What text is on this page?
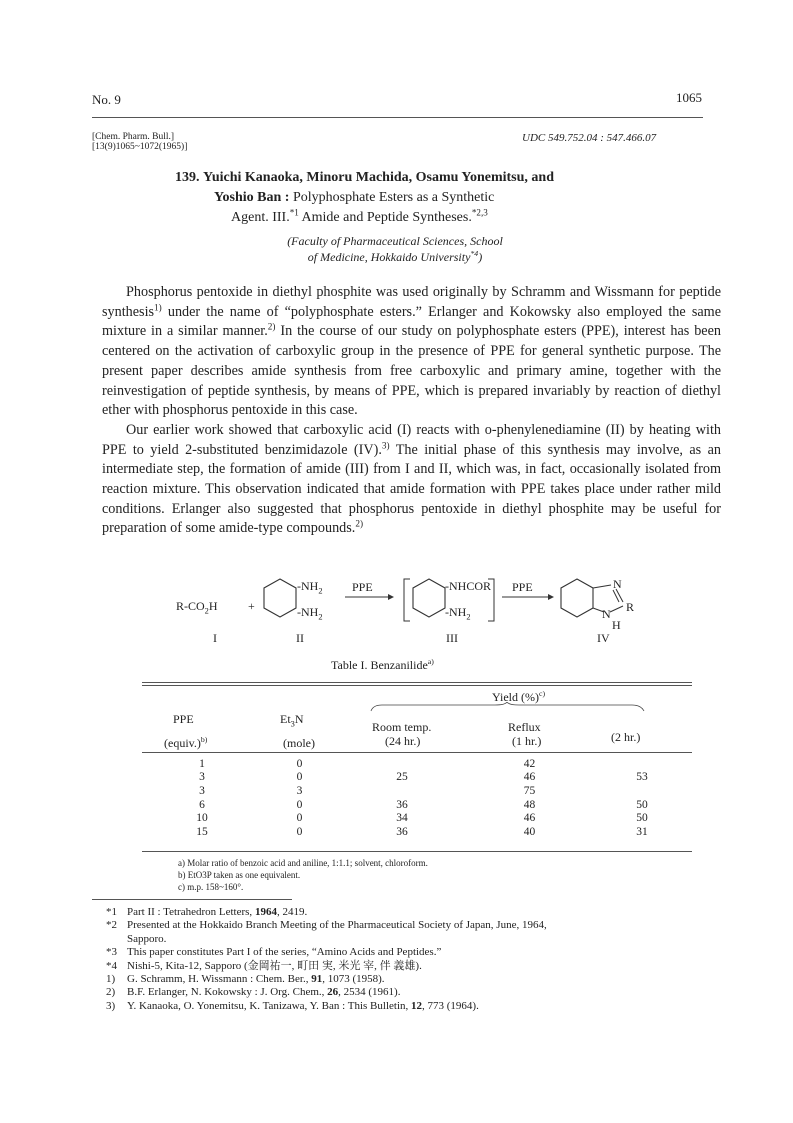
No. 9	1065
[Chem. Pharm. Bull.]
[13(9)1065~1072(1965)]
UDC 549.752.04 : 547.466.07
139. Yuichi Kanaoka, Minoru Machida, Osamu Yonemitsu, and
Yoshio Ban : Polyphosphate Esters as a Synthetic
Agent. III.$^{*1}$ Amide and Peptide Syntheses.$^{*2,3}$
(Faculty of Pharmaceutical Sciences, School
of Medicine, Hokkaido University$^{*4}$)

Phosphorus pentoxide in diethyl phosphite was used originally by Schramm and Wissmann for peptide synthesis$^{1)}$ under the name of “polyphosphate esters.” Erlanger and Kokowsky also employed the same mixture in a similar manner.$^{2)}$ In the course of our study on polyphosphate esters (PPE), interest has been centered on the activation of carboxylic group in the presence of PPE for general synthetic purpose. The present paper describes amide synthesis from free carboxylic and primary amine, together with the reinvestigation of peptide synthesis, by means of PPE, which is prepared invariably by reaction of diethyl ether with phosphorus pentoxide in this case.

Our earlier work showed that carboxylic acid (I) reacts with o-phenylenediamine (II) by heating with PPE to yield 2-substituted benzimidazole (IV).$^{3)}$ The initial phase of this synthesis may involve, as an intermediate step, the formation of amide (III) from I and II, which was, in fact, occasionally isolated from reaction mixture. This observation indicated that amide formation with PPE takes place under rather mild conditions. Erlanger also suggested that phosphorus pentoxide in diethyl phosphite may be useful for preparation of some amide-type compounds.$^{2)}$

$R-CO_2H$	+
$-NH_2$
$-NH_2$
PPE	-NHCOR
$-NH_2$
PPE	N
N
H
R
I	II	III	IV
Table I. Benzanilide$^{a)}$
Yield (%)$^{c)}$
PPE	$Et_3N$
Room temp.	Reflux
(2 hr.)
(equiv.)$^{b)}$	(mole)	(24 hr.)	(1 hr.)
1	0		42	
3	0	25	46	53
3	3		75	
6	0	36	48	50
10	0	34	46	50
15	0	36	40	31
a) Molar ratio of benzoic acid and aniline, 1:1.1; solvent, chloroform.
b) EtO3P taken as one equivalent.
c) m.p. 158~160°.
*1 Part II : Tetrahedron Letters, 1964, 2419.
*2 Presented at the Hokkaido Branch Meeting of the Pharmaceutical Society of Japan, June, 1964,
Sapporo.
*3 This paper constitutes Part I of the series, “Amino Acids and Peptides.”
*4 Nishi-5, Kita-12, Sapporo (金岡祐一, 町田 実, 米光 宰, 伴 義雄).
1) G. Schramm, H. Wissmann : Chem. Ber., 91, 1073 (1958).
2) B.F. Erlanger, N. Kokowsky : J. Org. Chem., 26, 2534 (1961).
3) Y. Kanaoka, O. Yonemitsu, K. Tanizawa, Y. Ban : This Bulletin, 12, 773 (1964).
